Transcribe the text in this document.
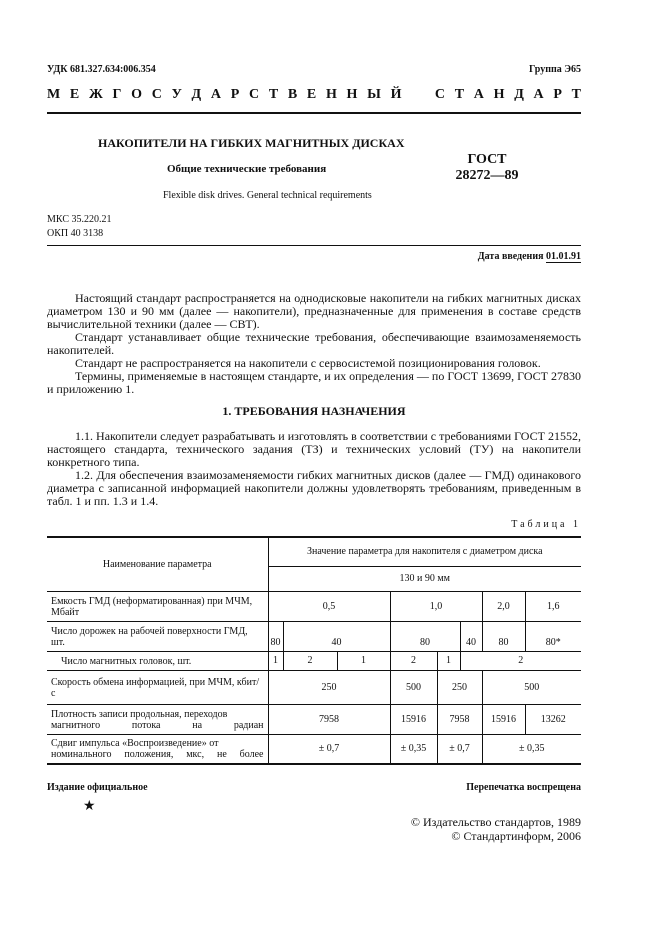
УДК 681.327.634:006.354	Группа Э65
М Е Ж Г О С У Д А Р С Т В Е Н Н Ы Й
С Т А Н Д А Р Т
НАКОПИТЕЛИ НА ГИБКИХ МАГНИТНЫХ ДИСКАХ
Общие технические требования
Flexible disk drives. General technical requirements
ГОСТ
28272—89
МКС 35.220.21
ОКП 40 3138
Дата введения 01.01.91

Настоящий стандарт распространяется на однодисковые накопители на гибких магнитных дисках диаметром 130 и 90 мм (далее — накопители), предназначенные для применения в составе средств вычислительной техники (далее — СВТ).

Стандарт устанавливает общие технические требования, обеспечивающие взаимозаменяемость накопителей.

Стандарт не распространяется на накопители с сервосистемой позиционирования головок.

Термины, применяемые в настоящем стандарте, и их определения — по ГОСТ 13699, ГОСТ 27830 и приложению 1.

1. ТРЕБОВАНИЯ НАЗНАЧЕНИЯ

1.1. Накопители следует разрабатывать и изготовлять в соответствии с требованиями ГОСТ 21552, настоящего стандарта, технического задания (ТЗ) и технических условий (ТУ) на накопители конкретного типа.

1.2. Для обеспечения взаимозаменяемости гибких магнитных дисков (далее — ГМД) одинакового диаметра с записанной информацией накопители должны удовлетворять требованиям, приведенным в табл. 1 и пп. 1.3 и 1.4.

Таблица 1
Наименование параметра	Значение параметра для накопителя с диаметром диска							
	130 и 90 мм							
Емкость ГМД (неформатированная) при МЧМ, Мбайт	0,5			1,0			2,0	1,6
Число дорожек на рабочей поверхности ГМД, шт.	80	40		80		40	80	80*
Число магнитных головок, шт.	1	2	1	2	1	2		
Скорость обмена информацией, при МЧМ, кбит/с	250			500	250		500	
Плотность записи продольная, переходов магнитного потока на радиан	7958			15916	7958		15916	13262
Сдвиг импульса «Воспроизведение» от номинального положения, мкс, не более	± 0,7			± 0,35	± 0,7		± 0,35	
Издание официальное	Перепечатка воспрещена
★
© Издательство стандартов, 1989
© Стандартинформ, 2006
